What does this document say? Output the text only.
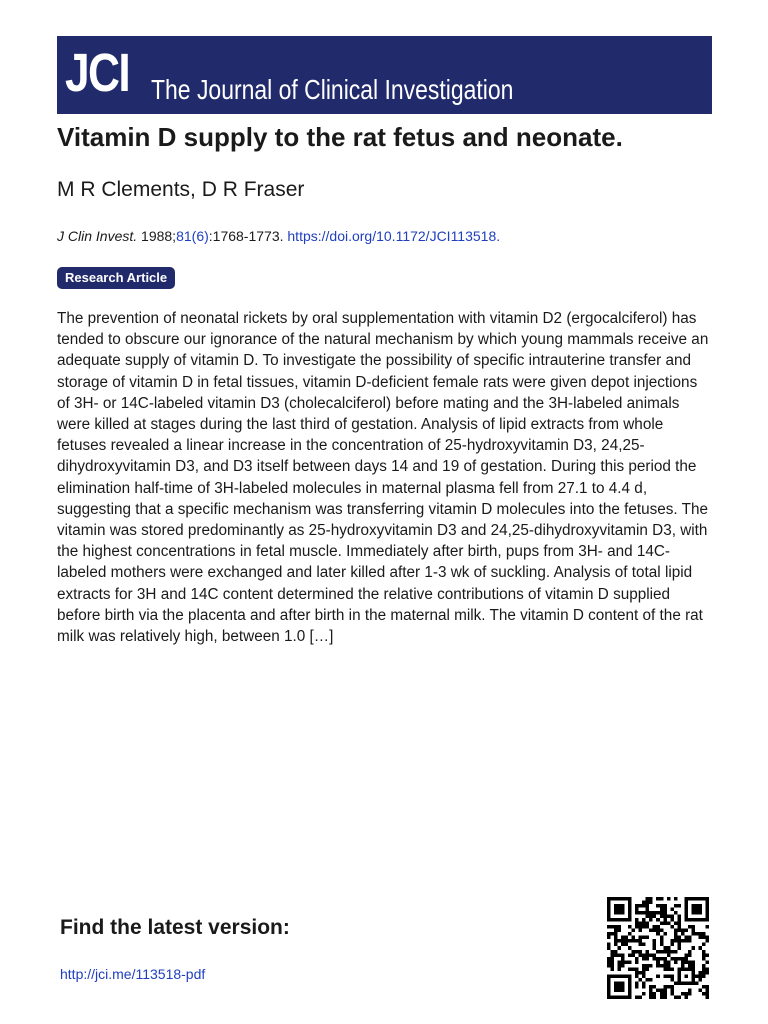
JCI The Journal of Clinical Investigation
Vitamin D supply to the rat fetus and neonate.
M R Clements, D R Fraser
J Clin Invest. 1988;81(6):1768-1773. https://doi.org/10.1172/JCI113518.
Research Article

The prevention of neonatal rickets by oral supplementation with vitamin D2 (ergocalciferol) has tended to obscure our ignorance of the natural mechanism by which young mammals receive an adequate supply of vitamin D. To investigate the possibility of specific intrauterine transfer and storage of vitamin D in fetal tissues, vitamin D-deficient female rats were given depot injections of 3H- or 14C-labeled vitamin D3 (cholecalciferol) before mating and the 3H-labeled animals were killed at stages during the last third of gestation. Analysis of lipid extracts from whole fetuses revealed a linear increase in the concentration of 25-hydroxyvitamin D3, 24,25-dihydroxyvitamin D3, and D3 itself between days 14 and 19 of gestation. During this period the elimination half-time of 3H-labeled molecules in maternal plasma fell from 27.1 to 4.4 d, suggesting that a specific mechanism was transferring vitamin D molecules into the fetuses. The vitamin was stored predominantly as 25-hydroxyvitamin D3 and 24,25-dihydroxyvitamin D3, with the highest concentrations in fetal muscle. Immediately after birth, pups from 3H- and 14C-labeled mothers were exchanged and later killed after 1-3 wk of suckling. Analysis of total lipid extracts for 3H and 14C content determined the relative contributions of vitamin D supplied before birth via the placenta and after birth in the maternal milk. The vitamin D content of the rat milk was relatively high, between 1.0 […]

Find the latest version:
http://jci.me/113518-pdf
